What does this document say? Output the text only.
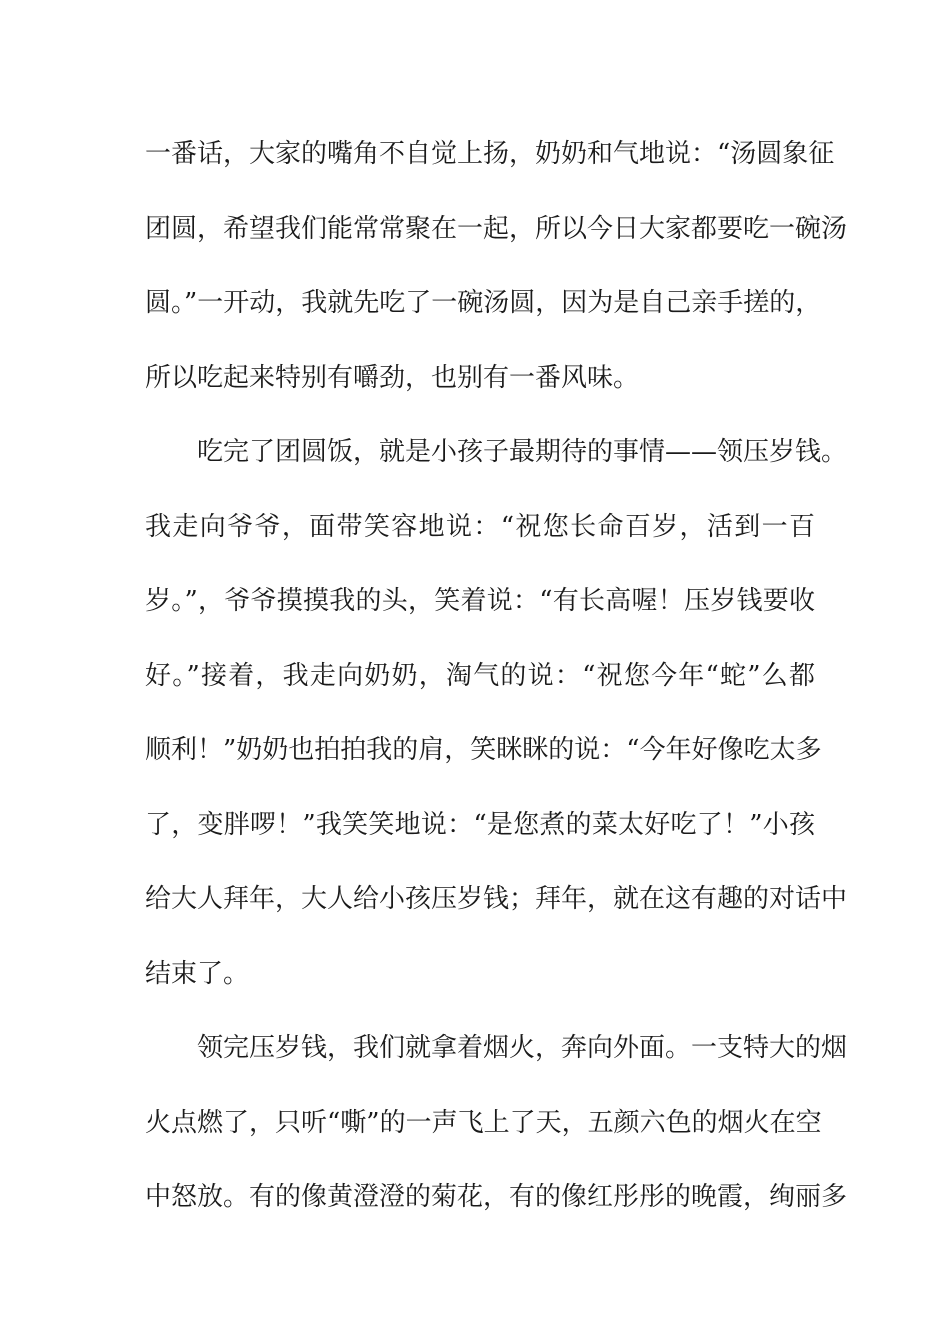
一番话，大家的嘴角不自觉上扬，奶奶和气地说：“汤圆象征
团圆，希望我们能常常聚在一起，所以今日大家都要吃一碗汤
圆。”一开动，我就先吃了一碗汤圆，因为是自己亲手搓的，
所以吃起来特别有嚼劲，也别有一番风味。
　　吃完了团圆饭，就是小孩子最期待的事情——领压岁钱。
我走向爷爷，面带笑容地说：“祝您长命百岁，活到一百
岁。”，爷爷摸摸我的头，笑着说：“有长高喔！压岁钱要收
好。”接着，我走向奶奶，淘气的说：“祝您今年“蛇”么都
顺利！”奶奶也拍拍我的肩，笑眯眯的说：“今年好像吃太多
了，变胖啰！”我笑笑地说：“是您煮的菜太好吃了！”小孩
给大人拜年，大人给小孩压岁钱；拜年，就在这有趣的对话中
结束了。
　　领完压岁钱，我们就拿着烟火，奔向外面。一支特大的烟
火点燃了，只听“嘶”的一声飞上了天，五颜六色的烟火在空
中怒放。有的像黄澄澄的菊花，有的像红彤彤的晚霞，绚丽多
